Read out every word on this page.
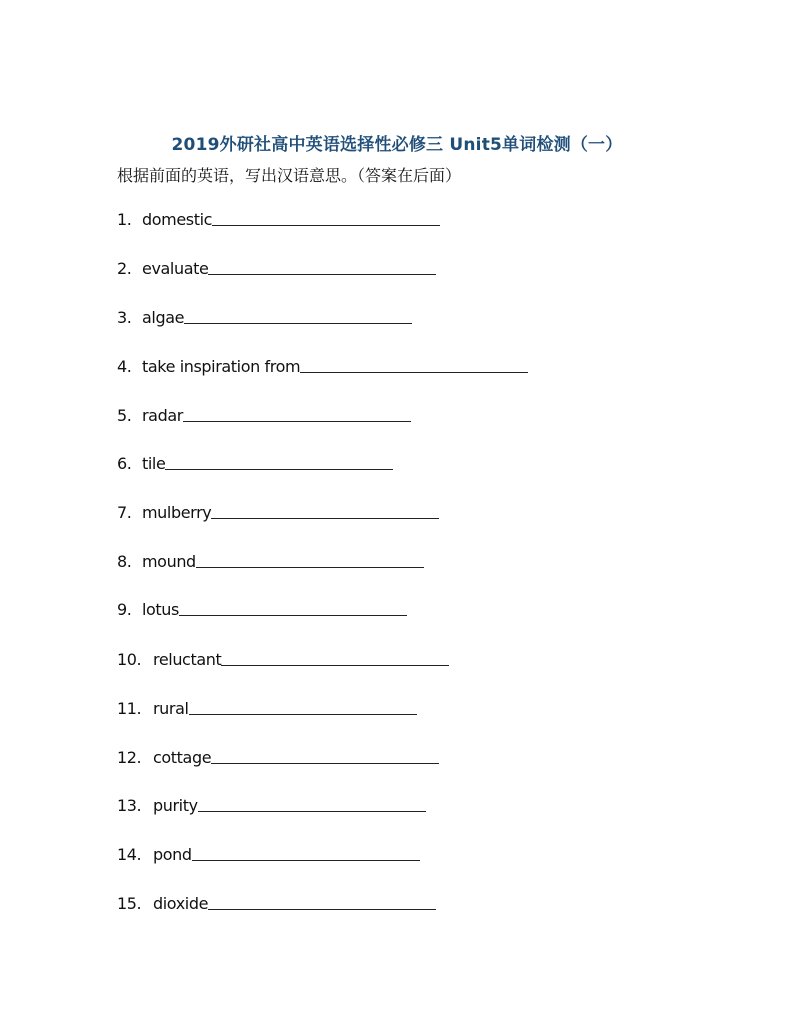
2019外研社高中英语选择性必修三 Unit5单词检测（一）
根据前面的英语，写出汉语意思。（答案在后面）
1. domestic
2. evaluate
3. algae
4. take inspiration from
5. radar
6. tile
7. mulberry
8. mound
9. lotus
10. reluctant
11. rural
12. cottage
13. purity
14. pond
15. dioxide
